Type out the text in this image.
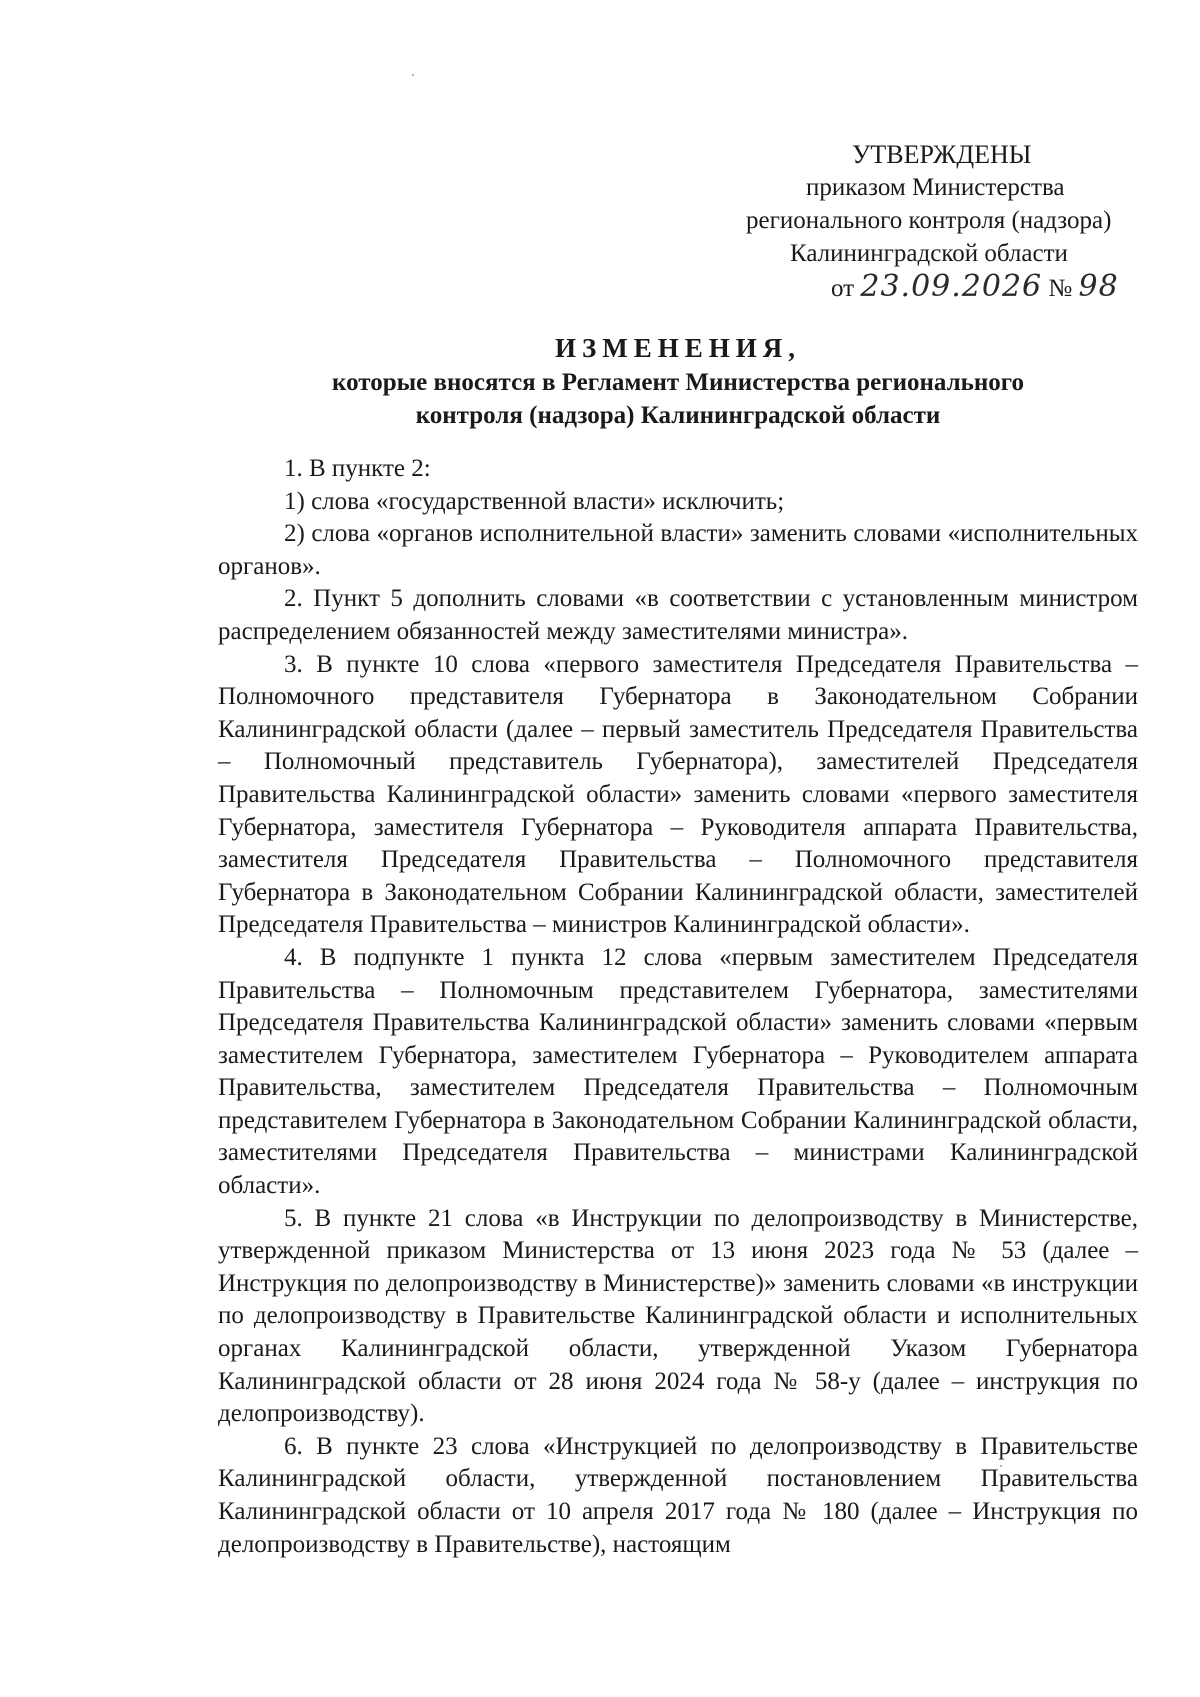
УТВЕРЖДЕНЫ
приказом Министерства
регионального контроля (надзора)
Калининградской области
от 23.09.2026 № 98
ИЗМЕНЕНИЯ,
которые вносятся в Регламент Министерства регионального
контроля (надзора) Калининградской области

1. В пункте 2:

1) слова «государственной власти» исключить;

2) слова «органов исполнительной власти» заменить словами «исполнительных органов».

2. Пункт 5 дополнить словами «в соответствии с установленным министром распределением обязанностей между заместителями министра».

3. В пункте 10 слова «первого заместителя Председателя Правительства – Полномочного представителя Губернатора в Законодательном Собрании Калининградской области (далее – первый заместитель Председателя Правительства – Полномочный представитель Губернатора), заместителей Председателя Правительства Калининградской области» заменить словами «первого заместителя Губернатора, заместителя Губернатора – Руководителя аппарата Правительства, заместителя Председателя Правительства – Полномочного представителя Губернатора в Законодательном Собрании Калининградской области, заместителей Председателя Правительства – министров Калининградской области».

4. В подпункте 1 пункта 12 слова «первым заместителем Председателя Правительства – Полномочным представителем Губернатора, заместителями Председателя Правительства Калининградской области» заменить словами «первым заместителем Губернатора, заместителем Губернатора – Руководителем аппарата Правительства, заместителем Председателя Правительства – Полномочным представителем Губернатора в Законодательном Собрании Калининградской области, заместителями Председателя Правительства – министрами Калининградской области».

5. В пункте 21 слова «в Инструкции по делопроизводству в Министерстве, утвержденной приказом Министерства от 13 июня 2023 года № 53 (далее – Инструкция по делопроизводству в Министерстве)» заменить словами «в инструкции по делопроизводству в Правительстве Калининградской области и исполнительных органах Калининградской области, утвержденной Указом Губернатора Калининградской области от 28 июня 2024 года № 58-у (далее – инструкция по делопроизводству).

6. В пункте 23 слова «Инструкцией по делопроизводству в Правительстве Калининградской области, утвержденной постановлением Правительства Калининградской области от 10 апреля 2017 года № 180 (далее – Инструкция по делопроизводству в Правительстве), настоящим
